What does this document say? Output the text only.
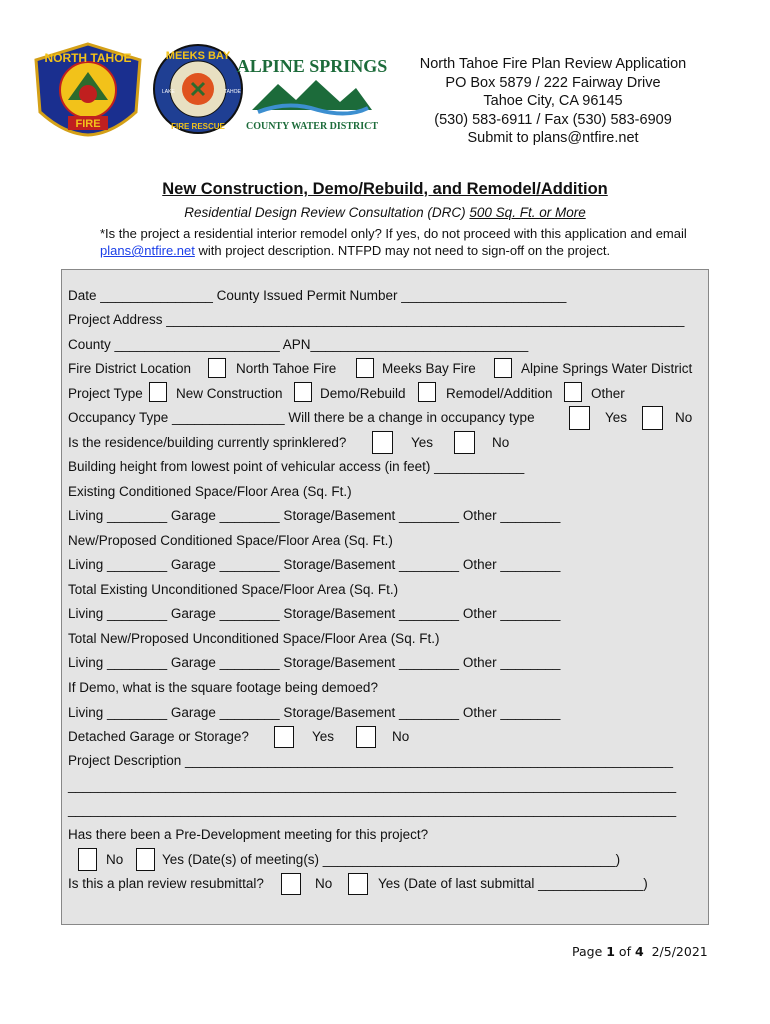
NORTH TAHOE
FIRE
MEEKS BAY
FIRE RESCUE
LAKE	TAHOE
ALPINE SPRINGS
COUNTY WATER DISTRICT
North Tahoe Fire Plan Review Application
PO Box 5879 / 222 Fairway Drive
Tahoe City, CA 96145
(530) 583-6911 / Fax (530) 583-6909
Submit to plans@ntfire.net
New Construction, Demo/Rebuild, and Remodel/Addition
Residential Design Review Consultation (DRC) 500 Sq. Ft. or More
*Is the project a residential interior remodel only? If yes, do not proceed with this application and email plans@ntfire.net with project description. NTFPD may not need to sign-off on the project.
Date _______________ County Issued Permit Number ______________________
Project Address _____________________________________________________________________
County ______________________ APN_____________________________
Fire District Location	North Tahoe Fire	Meeks Bay Fire	Alpine Springs Water District
Project Type New Construction	Demo/Rebuild	Remodel/Addition	Other
Occupancy Type _______________ Will there be a change in occupancy type	Yes	No
Is the residence/building currently sprinklered?	Yes	No
Building height from lowest point of vehicular access (in feet) ____________
Existing Conditioned Space/Floor Area (Sq. Ft.)
Living ________ Garage ________ Storage/Basement ________ Other ________
New/Proposed Conditioned Space/Floor Area (Sq. Ft.)
Living ________ Garage ________ Storage/Basement ________ Other ________
Total Existing Unconditioned Space/Floor Area (Sq. Ft.)
Living ________ Garage ________ Storage/Basement ________ Other ________
Total New/Proposed Unconditioned Space/Floor Area (Sq. Ft.)
Living ________ Garage ________ Storage/Basement ________ Other ________
If Demo, what is the square footage being demoed?
Living ________ Garage ________ Storage/Basement ________ Other ________
Detached Garage or Storage?	Yes	No
Project Description _________________________________________________________________
_________________________________________________________________________________
_________________________________________________________________________________
Has there been a Pre-Development meeting for this project?
No	Yes (Date(s) of meeting(s) _______________________________________)
Is this a plan review resubmittal?	No	Yes (Date of last submittal ______________)
Page 1 of 4  2/5/2021
